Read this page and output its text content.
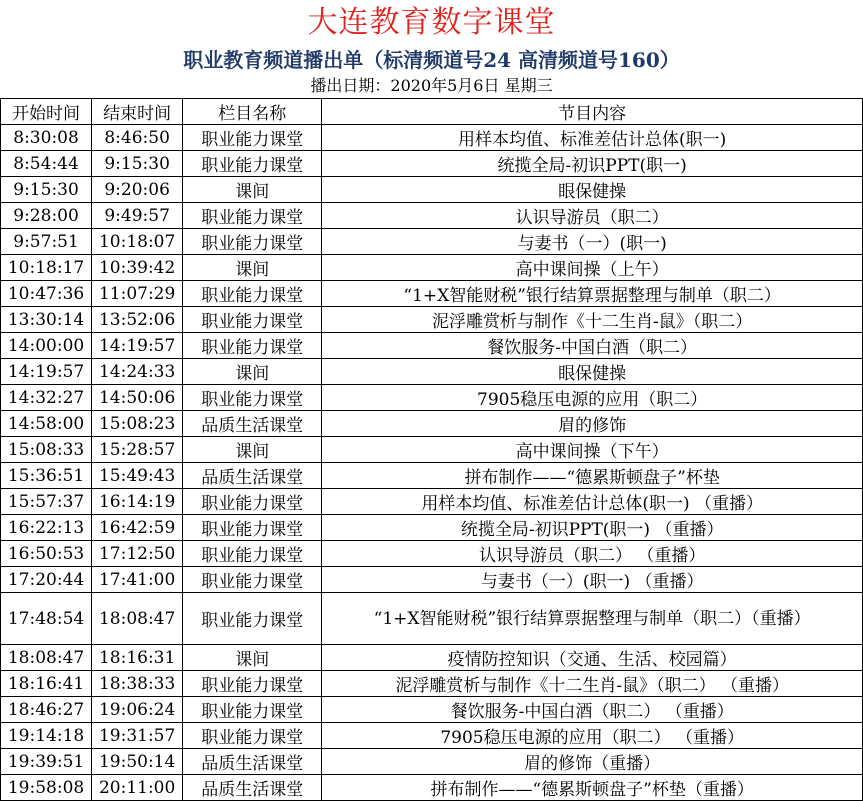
大连教育数字课堂
职业教育频道播出单（标清频道号24 高清频道号160）
播出日期：2020年5月6日 星期三
开始时间	结束时间	栏目名称	节目内容
8:30:08	8:46:50	职业能力课堂	用样本均值、标准差估计总体(职一)
8:54:44	9:15:30	职业能力课堂	统揽全局-初识PPT(职一)
9:15:30	9:20:06	课间	眼保健操
9:28:00	9:49:57	职业能力课堂	认识导游员（职二）
9:57:51	10:18:07	职业能力课堂	与妻书（一）(职一)
10:18:17	10:39:42	课间	高中课间操（上午）
10:47:36	11:07:29	职业能力课堂	“1+X智能财税”银行结算票据整理与制单（职二）
13:30:14	13:52:06	职业能力课堂	泥浮雕赏析与制作《十二生肖-鼠》（职二）
14:00:00	14:19:57	职业能力课堂	餐饮服务-中国白酒（职二）
14:19:57	14:24:33	课间	眼保健操
14:32:27	14:50:06	职业能力课堂	7905稳压电源的应用（职二）
14:58:00	15:08:23	品质生活课堂	眉的修饰
15:08:33	15:28:57	课间	高中课间操（下午）
15:36:51	15:49:43	品质生活课堂	拼布制作——“德累斯顿盘子”杯垫
15:57:37	16:14:19	职业能力课堂	用样本均值、标准差估计总体(职一) （重播）
16:22:13	16:42:59	职业能力课堂	统揽全局-初识PPT(职一) （重播）
16:50:53	17:12:50	职业能力课堂	认识导游员（职二） （重播）
17:20:44	17:41:00	职业能力课堂	与妻书（一）(职一) （重播）
17:48:54	18:08:47	职业能力课堂	“1+X智能财税”银行结算票据整理与制单（职二）（重播）
18:08:47	18:16:31	课间	疫情防控知识（交通、生活、校园篇）
18:16:41	18:38:33	职业能力课堂	泥浮雕赏析与制作《十二生肖-鼠》（职二） （重播）
18:46:27	19:06:24	职业能力课堂	餐饮服务-中国白酒（职二） （重播）
19:14:18	19:31:57	职业能力课堂	7905稳压电源的应用（职二） （重播）
19:39:51	19:50:14	品质生活课堂	眉的修饰（重播）
19:58:08	20:11:00	品质生活课堂	拼布制作——“德累斯顿盘子”杯垫（重播）
